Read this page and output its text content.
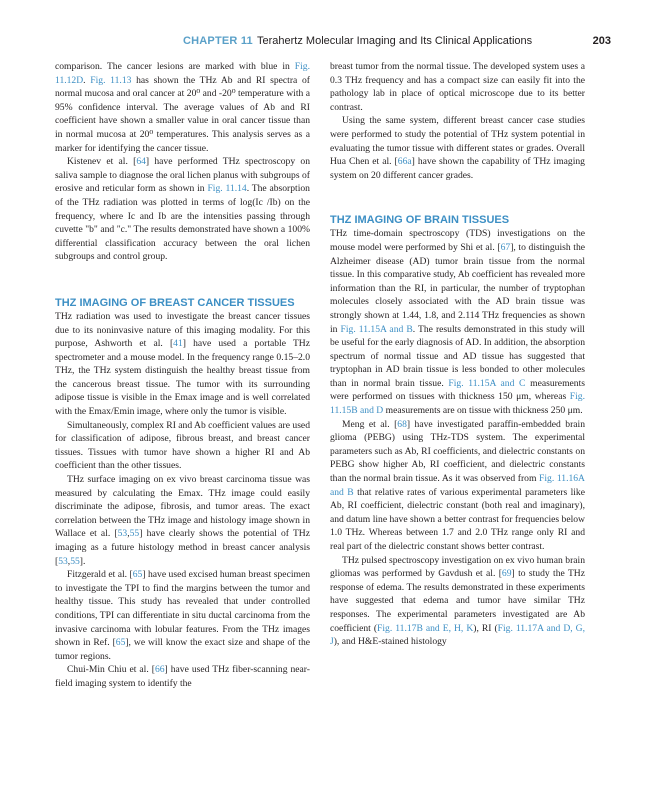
CHAPTER 11 Terahertz Molecular Imaging and Its Clinical Applications	203

comparison. The cancer lesions are marked with blue in Fig. 11.12D. Fig. 11.13 has shown the THz Ab and RI spectra of normal mucosa and oral cancer at 20⁰ and -20⁰ temperature with a 95% confidence interval. The average values of Ab and RI coefficient have shown a smaller value in oral cancer tissue than in normal mucosa at 20⁰ temperatures. This analysis serves as a marker for identifying the cancer tissue.

Kistenev et al. [64] have performed THz spectroscopy on saliva sample to diagnose the oral lichen planus with subgroups of erosive and reticular form as shown in Fig. 11.14. The absorption of the THz radiation was plotted in terms of log(Ic /Ib) on the frequency, where Ic and Ib are the intensities passing through cuvette "b" and "c." The results demonstrated have shown a 100% differential classification accuracy between the oral lichen subgroups and control group.

THZ IMAGING OF BREAST CANCER TISSUES

THz radiation was used to investigate the breast cancer tissues due to its noninvasive nature of this imaging modality. For this purpose, Ashworth et al. [41] have used a portable THz spectrometer and a mouse model. In the frequency range 0.15–2.0 THz, the THz system distinguish the healthy breast tissue from the cancerous breast tissue. The tumor with its surrounding adipose tissue is visible in the Emax image and is well correlated with the Emax/Emin image, where only the tumor is visible.

Simultaneously, complex RI and Ab coefficient values are used for classification of adipose, fibrous breast, and breast cancer tissues. Tissues with tumor have shown a higher RI and Ab coefficient than the other tissues.

THz surface imaging on ex vivo breast carcinoma tissue was measured by calculating the Emax. THz image could easily discriminate the adipose, fibrosis, and tumor areas. The exact correlation between the THz image and histology image shown in Wallace et al. [53,55] have clearly shows the potential of THz imaging as a future histology method in breast cancer analysis [53,55].

Fitzgerald et al. [65] have used excised human breast specimen to investigate the TPI to find the margins between the tumor and healthy tissue. This study has revealed that under controlled conditions, TPI can differentiate in situ ductal carcinoma from the invasive carcinoma with lobular features. From the THz images shown in Ref. [65], we will know the exact size and shape of the tumor regions.

Chui-Min Chiu et al. [66] have used THz fiber-scanning near-field imaging system to identify the

breast tumor from the normal tissue. The developed system uses a 0.3 THz frequency and has a compact size can easily fit into the pathology lab in place of optical microscope due to its better contrast.

Using the same system, different breast cancer case studies were performed to study the potential of THz system potential in evaluating the tumor tissue with different states or grades. Overall Hua Chen et al. [66a] have shown the capability of THz imaging system on 20 different cancer grades.

THZ IMAGING OF BRAIN TISSUES

THz time-domain spectroscopy (TDS) investigations on the mouse model were performed by Shi et al. [67], to distinguish the Alzheimer disease (AD) tumor brain tissue from the normal tissue. In this comparative study, Ab coefficient has revealed more information than the RI, in particular, the number of tryptophan molecules closely associated with the AD brain tissue was strongly shown at 1.44, 1.8, and 2.114 THz frequencies as shown in Fig. 11.15A and B. The results demonstrated in this study will be useful for the early diagnosis of AD. In addition, the absorption spectrum of normal tissue and AD tissue has suggested that tryptophan in AD brain tissue is less bonded to other molecules than in normal brain tissue. Fig. 11.15A and C measurements were performed on tissues with thickness 150 μm, whereas Fig. 11.15B and D measurements are on tissue with thickness 250 μm.

Meng et al. [68] have investigated paraffin-embedded brain glioma (PEBG) using THz-TDS system. The experimental parameters such as Ab, RI coefficients, and dielectric constants on PEBG show higher Ab, RI coefficient, and dielectric constants than the normal brain tissue. As it was observed from Fig. 11.16A and B that relative rates of various experimental parameters like Ab, RI coefficient, dielectric constant (both real and imaginary), and datum line have shown a better contrast for frequencies below 1.0 THz. Whereas between 1.7 and 2.0 THz range only RI and real part of the dielectric constant shows better contrast.

THz pulsed spectroscopy investigation on ex vivo human brain gliomas was performed by Gavdush et al. [69] to study the THz response of edema. The results demonstrated in these experiments have suggested that edema and tumor have similar THz responses. The experimental parameters investigated are Ab coefficient (Fig. 11.17B and E, H, K), RI (Fig. 11.17A and D, G, J), and H&E-stained histology
